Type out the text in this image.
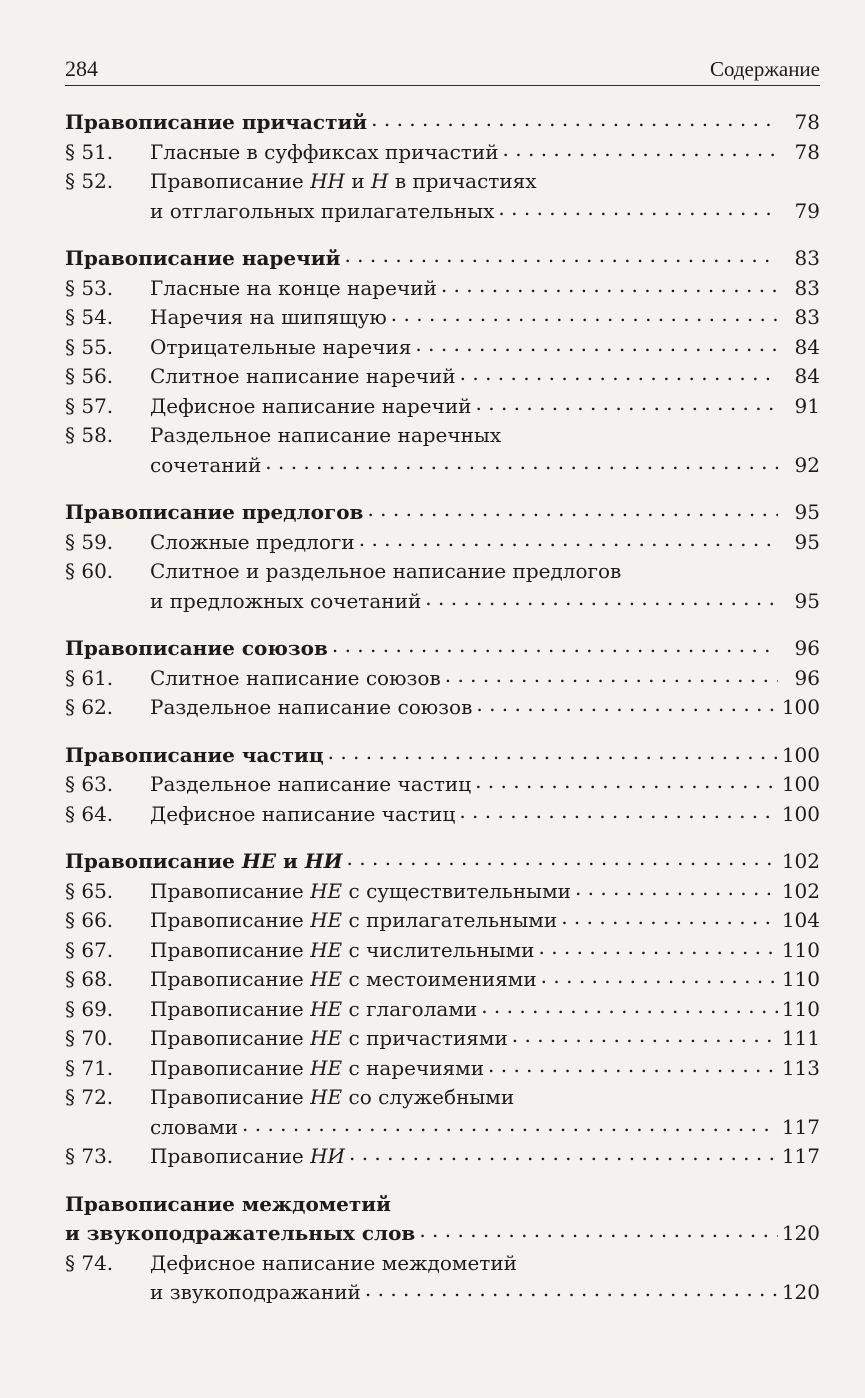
284	Содержание
Правописание причастий . . .	78
§ 51.	Гласные в суффиксах причастий . . .	78
§ 52.	Правописание НН и Н в причастиях
и отглагольных прилагательных . . .	79
Правописание наречий . . .	83
§ 53.	Гласные на конце наречий . . .	83
§ 54.	Наречия на шипящую . . .	83
§ 55.	Отрицательные наречия . . .	84
§ 56.	Слитное написание наречий . . .	84
§ 57.	Дефисное написание наречий . . .	91
§ 58.	Раздельное написание наречных
сочетаний . . .	92
Правописание предлогов . . .	95
§ 59.	Сложные предлоги . . .	95
§ 60.	Слитное и раздельное написание предлогов
и предложных сочетаний . . .	95
Правописание союзов . . .	96
§ 61.	Слитное написание союзов . . .	96
§ 62.	Раздельное написание союзов . . .	100
Правописание частиц . . .	100
§ 63.	Раздельное написание частиц . . .	100
§ 64.	Дефисное написание частиц . . .	100
Правописание НЕ и НИ . . .	102
§ 65.	Правописание НЕ с существительными . . .	102
§ 66.	Правописание НЕ с прилагательными . . .	104
§ 67.	Правописание НЕ с числительными . . .	110
§ 68.	Правописание НЕ с местоимениями . . .	110
§ 69.	Правописание НЕ с глаголами . . .	110
§ 70.	Правописание НЕ с причастиями . . .	111
§ 71.	Правописание НЕ с наречиями . . .	113
§ 72.	Правописание НЕ со служебными
словами . . .	117
§ 73.	Правописание НИ . . .	117
Правописание междометий
и звукоподражательных слов . . .	120
§ 74.	Дефисное написание междометий
и звукоподражаний . . .	120
